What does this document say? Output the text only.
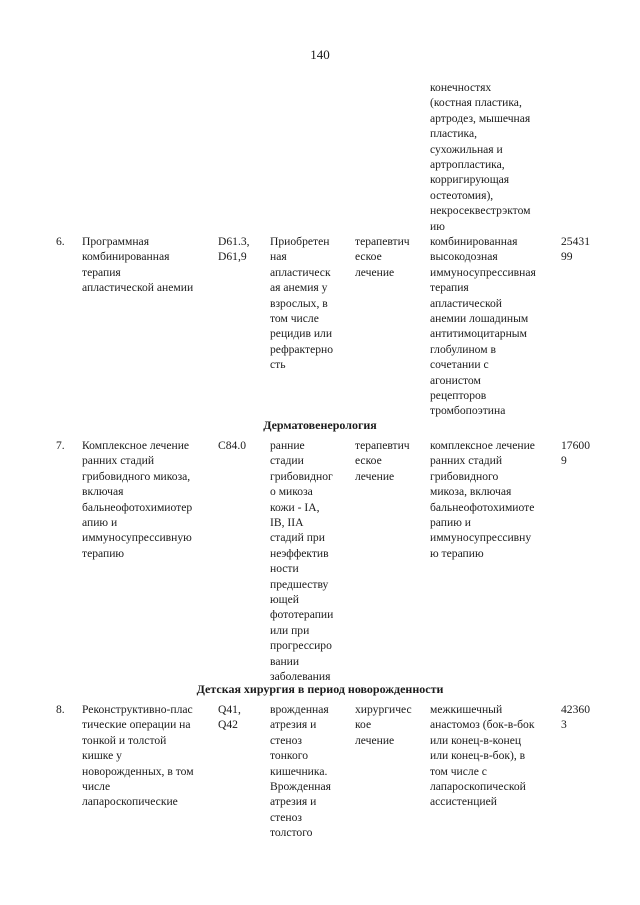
140
конечностях
(костная пластика,
артродез, мышечная
пластика,
сухожильная и
артропластика,
корригирующая
остеотомия),
некросеквестрэктом
ию
6. Программная
комбинированная
терапия
апластической анемии
D61.3,
D61,9
Приобретен
ная
апластическ
ая анемия у
взрослых, в
том числе
рецидив или
рефрактерно
сть
терапевтич
еское
лечение
комбинированная
высокодозная
иммуносупрессивная
терапия
апластической
анемии лошадиным
антитимоцитарным
глобулином в
сочетании с
агонистом
рецепторов
тромбопоэтина
25431
99
Дерматовенерология
7. Комплексное лечение
ранних стадий
грибовидного микоза,
включая
бальнеофотохимиотер
апию и
иммуносупрессивную
терапию
C84.0 ранние
стадии
грибовидног
о микоза
кожи - IA,
IB, IIA
стадий при
неэффектив
ности
предшеству
ющей
фототерапии
или при
прогрессиро
вании
заболевания
терапевтич
еское
лечение
комплексное лечение
ранних стадий
грибовидного
микоза, включая
бальнеофотохимиоте
рапию и
иммуносупрессивну
ю терапию
17600
9
Детская хирургия в период новорожденности
8. Реконструктивно-плас
тические операции на
тонкой и толстой
кишке у
новорожденных, в том
числе
лапароскопические
Q41,
Q42
врожденная
атрезия и
стеноз
тонкого
кишечника.
Врожденная
атрезия и
стеноз
толстого
хирургичес
кое
лечение
межкишечный
анастомоз (бок-в-бок
или конец-в-конец
или конец-в-бок), в
том числе с
лапароскопической
ассистенцией
42360
3
